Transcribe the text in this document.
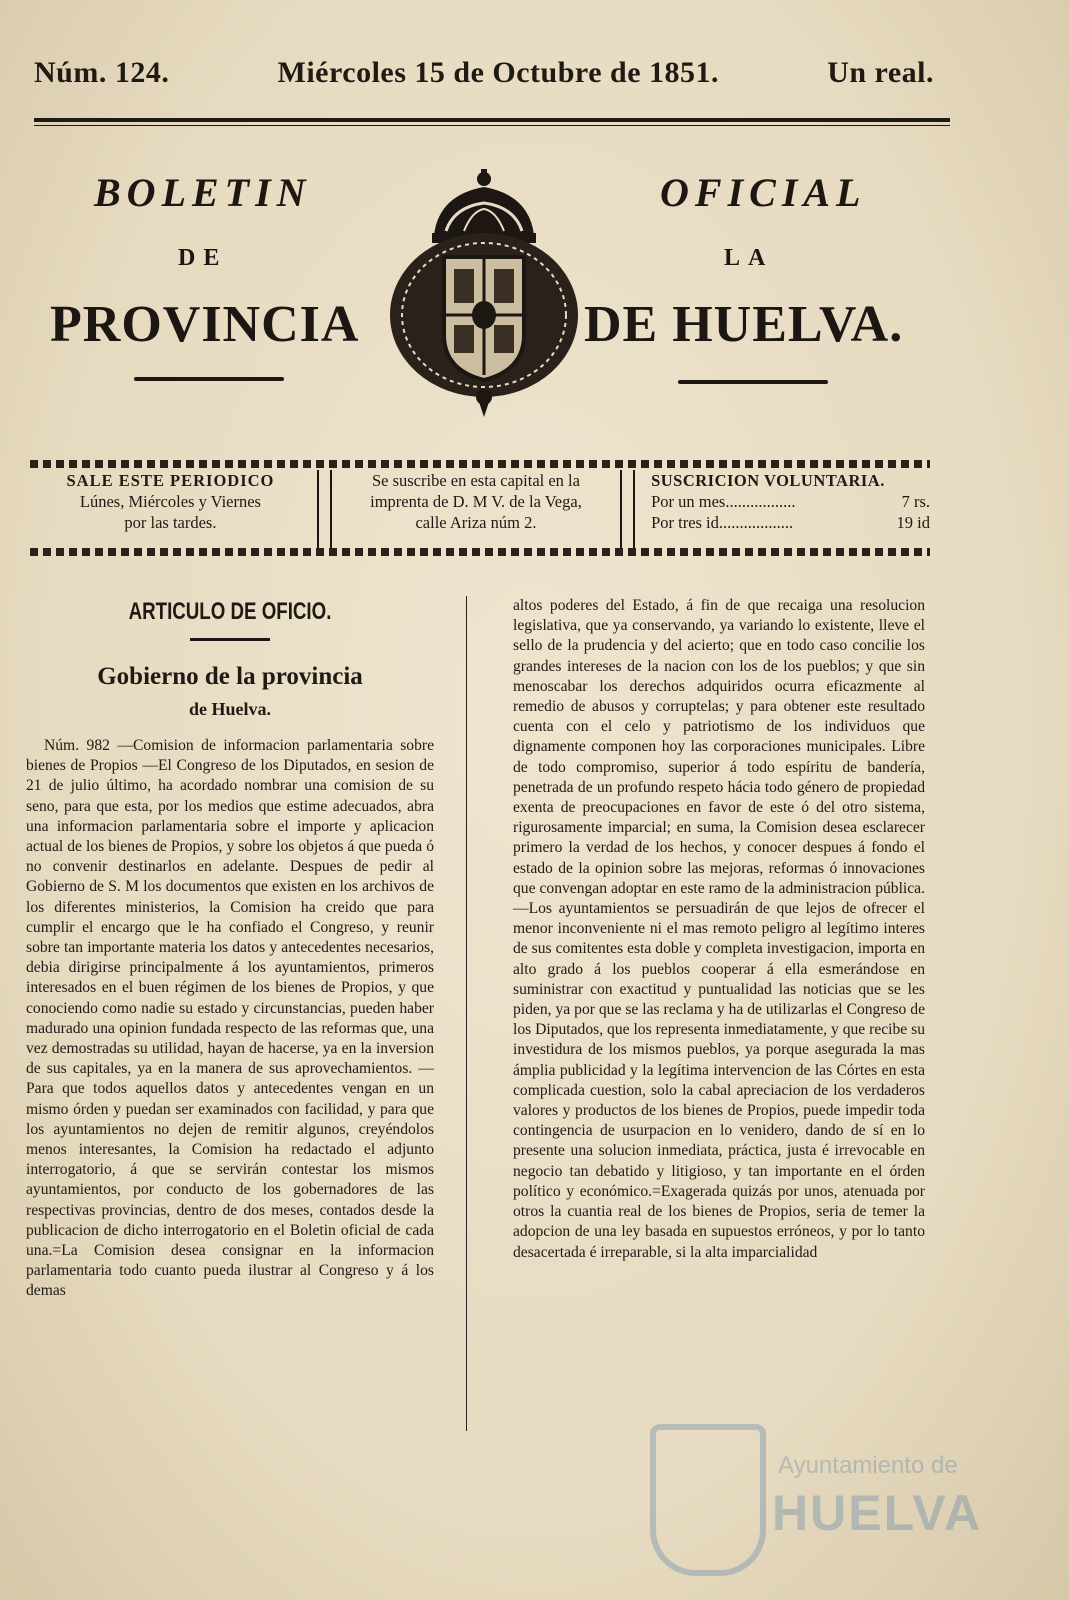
Núm. 124.	Miércoles 15 de Octubre de 1851.	Un real.
BOLETIN	OFICIAL
DE	LA
PROVINCIA	DE HUELVA.
SALE ESTE PERIODICO
Lúnes, Miércoles y Viernes
por las tardes.
Se suscribe en esta capital en la
imprenta de D. M V. de la Vega,
calle Ariza núm 2.
SUSCRICION VOLUNTARIA.
Por un mes.................	7 rs.
Por tres id..................	19 id
ARTICULO DE OFICIO.
Gobierno de la provincia
de Huelva.
Núm. 982 —Comision de informacion parlamentaria sobre bienes de Propios —El Congreso de los Diputados, en sesion de 21 de julio último, ha acordado nombrar una comision de su seno, para que esta, por los medios que estime adecuados, abra una informacion parlamentaria sobre el importe y aplicacion actual de los bienes de Propios, y sobre los objetos á que pueda ó no convenir destinarlos en adelante. Despues de pedir al Gobierno de S. M los documentos que existen en los archivos de los diferentes ministerios, la Comision ha creido que para cumplir el encargo que le ha confiado el Congreso, y reunir sobre tan importante materia los datos y antecedentes necesarios, debia dirigirse principalmente á los ayuntamientos, primeros interesados en el buen régimen de los bienes de Propios, y que conociendo como nadie su estado y circunstancias, pueden haber madurado una opinion fundada respecto de las reformas que, una vez demostradas su utilidad, hayan de hacerse, ya en la inversion de sus capitales, ya en la manera de sus aprovechamientos. —Para que todos aquellos datos y antecedentes vengan en un mismo órden y puedan ser examinados con facilidad, y para que los ayuntamientos no dejen de remitir algunos, creyéndolos menos interesantes, la Comision ha redactado el adjunto interrogatorio, á que se servirán contestar los mismos ayuntamientos, por conducto de los gobernadores de las respectivas provincias, dentro de dos meses, contados desde la publicacion de dicho interrogatorio en el Boletin oficial de cada una.=La Comision desea consignar en la informacion parlamentaria todo cuanto pueda ilustrar al Congreso y á los demas
altos poderes del Estado, á fin de que recaiga una resolucion legislativa, que ya conservando, ya variando lo existente, lleve el sello de la prudencia y del acierto; que en todo caso concilie los grandes intereses de la nacion con los de los pueblos; y que sin menoscabar los derechos adquiridos ocurra eficazmente al remedio de abusos y corruptelas; y para obtener este resultado cuenta con el celo y patriotismo de los individuos que dignamente componen hoy las corporaciones municipales. Libre de todo compromiso, superior á todo espíritu de bandería, penetrada de un profundo respeto hácia todo género de propiedad exenta de preocupaciones en favor de este ó del otro sistema, rigurosamente imparcial; en suma, la Comision desea esclarecer primero la verdad de los hechos, y conocer despues á fondo el estado de la opinion sobre las mejoras, reformas ó innovaciones que convengan adoptar en este ramo de la administracion pública.—Los ayuntamientos se persuadirán de que lejos de ofrecer el menor inconveniente ni el mas remoto peligro al legítimo interes de sus comitentes esta doble y completa investigacion, importa en alto grado á los pueblos cooperar á ella esmerándose en suministrar con exactitud y puntualidad las noticias que se les piden, ya por que se las reclama y ha de utilizarlas el Congreso de los Diputados, que los representa inmediatamente, y que recibe su investidura de los mismos pueblos, ya porque asegurada la mas ámplia publicidad y la legítima intervencion de las Córtes en esta complicada cuestion, solo la cabal apreciacion de los verdaderos valores y productos de los bienes de Propios, puede impedir toda contingencia de usurpacion en lo venidero, dando de sí en lo presente una solucion inmediata, práctica, justa é irrevocable en negocio tan debatido y litigioso, y tan importante en el órden político y económico.=Exagerada quizás por unos, atenuada por otros la cuantia real de los bienes de Propios, seria de temer la adopcion de una ley basada en supuestos erróneos, y por lo tanto desacertada é irreparable, si la alta imparcialidad
Ayuntamiento de
HUELVA
